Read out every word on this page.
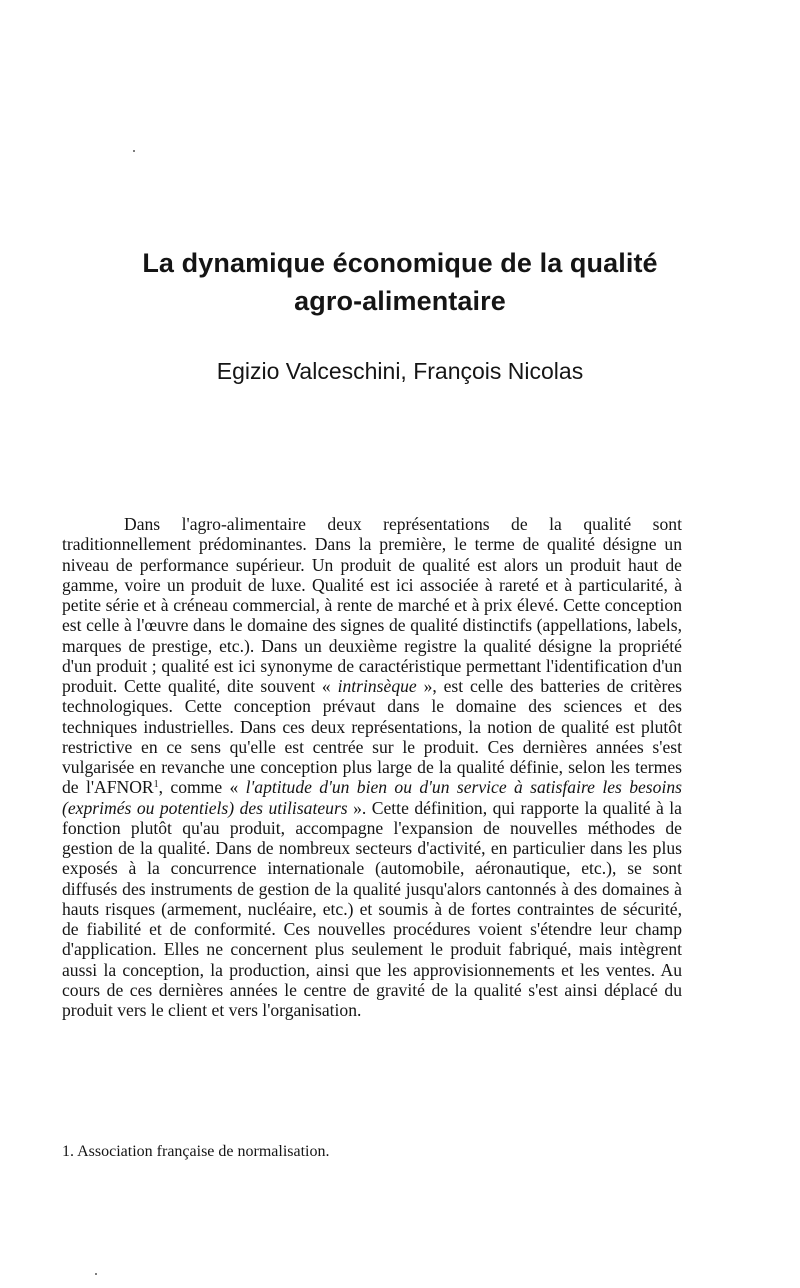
La dynamique économique de la qualité
agro-alimentaire

Egizio Valceschini, François Nicolas

Dans l'agro-alimentaire deux représentations de la qualité sont traditionnellement prédominantes. Dans la première, le terme de qualité désigne un niveau de performance supérieur. Un produit de qualité est alors un produit haut de gamme, voire un produit de luxe. Qualité est ici associée à rareté et à particularité, à petite série et à créneau commercial, à rente de marché et à prix élevé. Cette conception est celle à l'œuvre dans le domaine des signes de qualité distinctifs (appellations, labels, marques de prestige, etc.). Dans un deuxième registre la qualité désigne la propriété d'un produit ; qualité est ici synonyme de caractéristique permettant l'identification d'un produit. Cette qualité, dite souvent « intrinsèque », est celle des batteries de critères technologiques. Cette conception prévaut dans le domaine des sciences et des techniques industrielles. Dans ces deux représentations, la notion de qualité est plutôt restrictive en ce sens qu'elle est centrée sur le produit. Ces dernières années s'est vulgarisée en revanche une conception plus large de la qualité définie, selon les termes de l'AFNOR$^1$, comme « l'aptitude d'un bien ou d'un service à satisfaire les besoins (exprimés ou potentiels) des utilisateurs ». Cette définition, qui rapporte la qualité à la fonction plutôt qu'au produit, accompagne l'expansion de nouvelles méthodes de gestion de la qualité. Dans de nombreux secteurs d'activité, en particulier dans les plus exposés à la concurrence internationale (automobile, aéronautique, etc.), se sont diffusés des instruments de gestion de la qualité jusqu'alors cantonnés à des domaines à hauts risques (armement, nucléaire, etc.) et soumis à de fortes contraintes de sécurité, de fiabilité et de conformité. Ces nouvelles procédures voient s'étendre leur champ d'application. Elles ne concernent plus seulement le produit fabriqué, mais intègrent aussi la conception, la production, ainsi que les approvisionnements et les ventes. Au cours de ces dernières années le centre de gravité de la qualité s'est ainsi déplacé du produit vers le client et vers l'organisation.

1. Association française de normalisation.
